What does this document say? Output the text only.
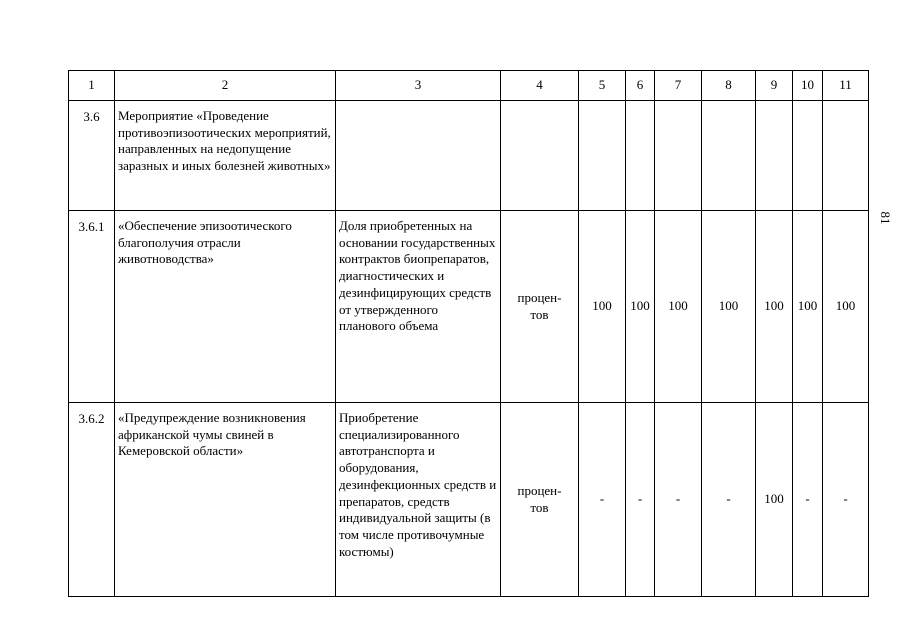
81
1	2	3	4	5	6	7	8	9	10	11
3.6	Мероприятие «Проведение противоэпизоотических мероприятий, направленных на недопущение заразных и иных болезней животных»									
3.6.1	«Обеспечение эпизоотического благополучия отрасли животноводства»	Доля приобретенных на основании государственных контрактов биопрепаратов, диагностических и дезинфицирующих средств от утвержденного планового объема	процен-тов	100	100	100	100	100	100	100
3.6.2	«Предупреждение возникновения африканской чумы свиней в Кемеровской области»	Приобретение специализированного автотранспорта и оборудования, дезинфекционных средств и препаратов, средств индивидуальной защиты (в том числе противочумные костюмы)	процен-тов	-	-	-	-	100	-	-
